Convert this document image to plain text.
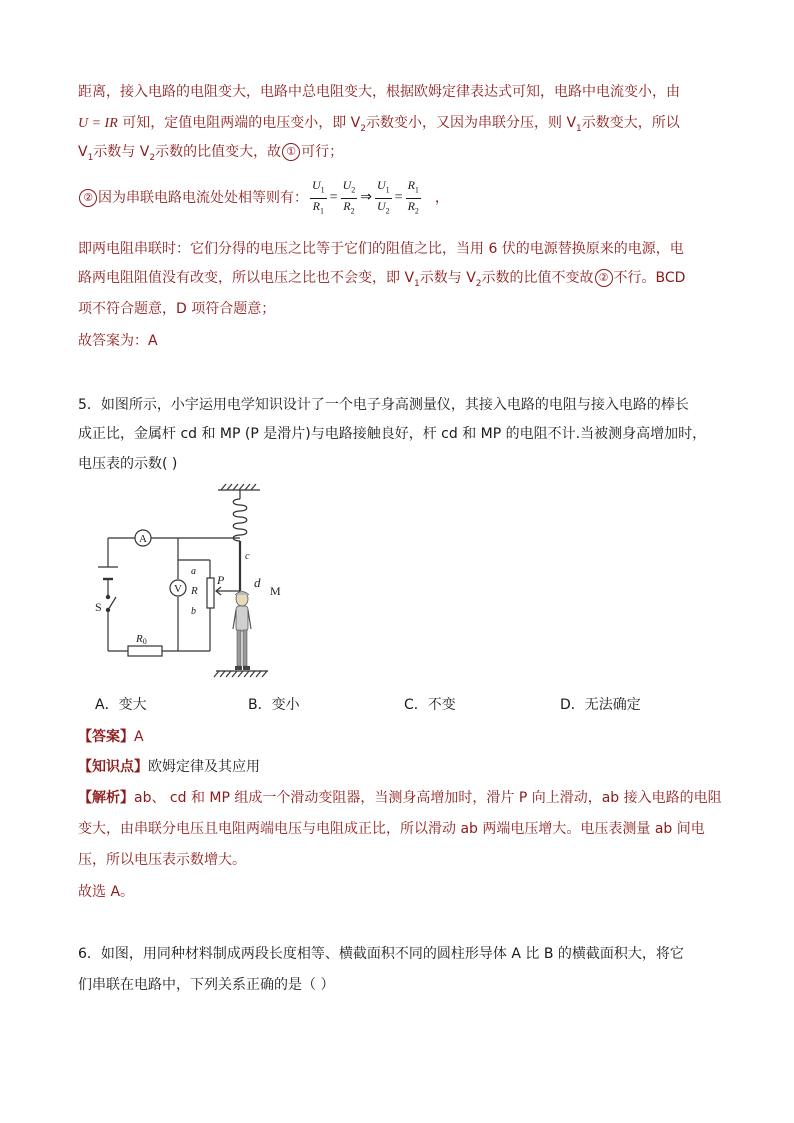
距离，接入电路的电阻变大，电路中总电阻变大，根据欧姆定律表达式可知，电路中电流变小，由
U = IR 可知，定值电阻两端的电压变小，即 $V_2$示数变小，又因为串联分压，则 $V_1$示数变大，所以
$V_1$示数与 $V_2$示数的比值变大，故 ① 可行；
② 因为串联电路电流处处相等则有： $\frac{U_1}{R_1} = \frac{U_2}{R_2}$ ⇒ $\frac{U_1}{U_2} = \frac{R_1}{R_2}$ ，
即两电阻串联时：它们分得的电压之比等于它们的阻值之比，当用 6 伏的电源替换原来的电源，电
路两电阻阻值没有改变，所以电压之比也不会变，即 $V_1$示数与 $V_2$示数的比值不变故 ② 不行。BCD
项不符合题意，D 项符合题意；
故答案为：A
5．如图所示，小宇运用电学知识设计了一个电子身高测量仪，其接入电路的电阻与接入电路的棒长
成正比，金属杆 cd 和 MP (P 是滑片)与电路接触良好，杆 cd 和 MP 的电阻不计.当被测身高增加时，
电压表的示数( )
A
V
S
R0
a
R
b
P
c
d
M
A．变大	B．变小	C．不变	D．无法确定
【答案】A
【知识点】欧姆定律及其应用
【解析】ab、 cd 和 MP 组成一个滑动变阻器，当测身高增加时，滑片 P 向上滑动，ab 接入电路的电阻
变大，由串联分电压且电阻两端电压与电阻成正比，所以滑动 ab 两端电压增大。电压表测量 ab 间电
压，所以电压表示数增大。
故选 A。
6．如图，用同种材料制成两段长度相等、横截面积不同的圆柱形导体 A 比 B 的横截面积大，将它
们串联在电路中，下列关系正确的是（ ）
